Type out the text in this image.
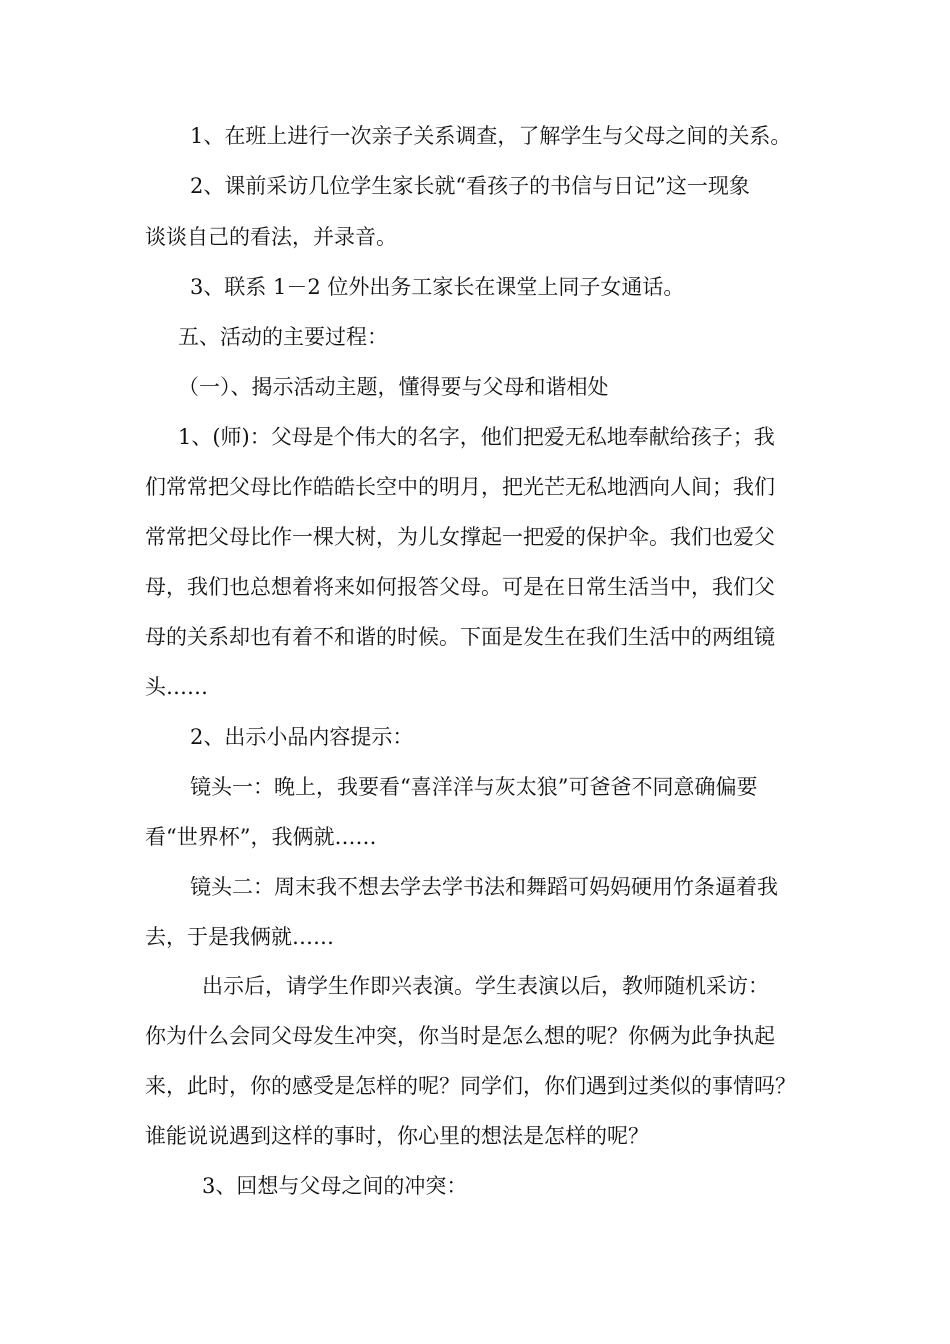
1、在班上进行一次亲子关系调查，了解学生与父母之间的关系。
2、课前采访几位学生家长就“看孩子的书信与日记”这一现象
谈谈自己的看法，并录音。
3、联系 1－2 位外出务工家长在课堂上同子女通话。
五、活动的主要过程：
（一）、揭示活动主题，懂得要与父母和谐相处
1、(师)：父母是个伟大的名字，他们把爱无私地奉献给孩子；我
们常常把父母比作皓皓长空中的明月，把光芒无私地洒向人间；我们
常常把父母比作一棵大树，为儿女撑起一把爱的保护伞。我们也爱父
母，我们也总想着将来如何报答父母。可是在日常生活当中，我们父
母的关系却也有着不和谐的时候。下面是发生在我们生活中的两组镜
头……
2、出示小品内容提示：
镜头一：晚上，我要看“喜洋洋与灰太狼”可爸爸不同意确偏要
看“世界杯”，我俩就……
镜头二：周末我不想去学去学书法和舞蹈可妈妈硬用竹条逼着我
去，于是我俩就……
出示后，请学生作即兴表演。学生表演以后，教师随机采访：
你为什么会同父母发生冲突，你当时是怎么想的呢？你俩为此争执起
来，此时，你的感受是怎样的呢？同学们，你们遇到过类似的事情吗？
谁能说说遇到这样的事时，你心里的想法是怎样的呢？
3、回想与父母之间的冲突：
